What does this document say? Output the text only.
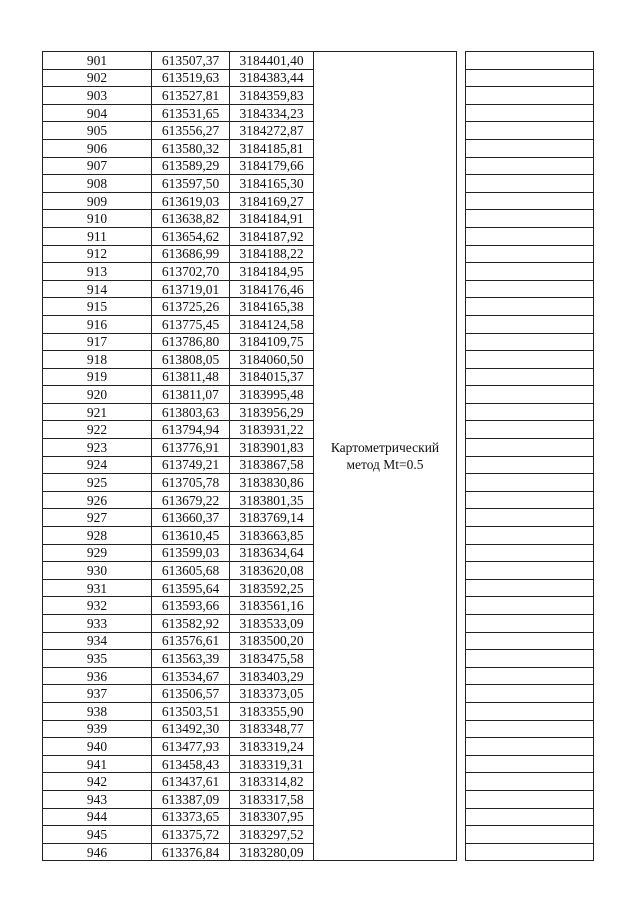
901	613507,37	3184401,40	Картометрический
метод Mt=0.5		
902	613519,63	3184383,44			
903	613527,81	3184359,83			
904	613531,65	3184334,23			
905	613556,27	3184272,87			
906	613580,32	3184185,81			
907	613589,29	3184179,66			
908	613597,50	3184165,30			
909	613619,03	3184169,27			
910	613638,82	3184184,91			
911	613654,62	3184187,92			
912	613686,99	3184188,22			
913	613702,70	3184184,95			
914	613719,01	3184176,46			
915	613725,26	3184165,38			
916	613775,45	3184124,58			
917	613786,80	3184109,75			
918	613808,05	3184060,50			
919	613811,48	3184015,37			
920	613811,07	3183995,48			
921	613803,63	3183956,29			
922	613794,94	3183931,22			
923	613776,91	3183901,83			
924	613749,21	3183867,58			
925	613705,78	3183830,86			
926	613679,22	3183801,35			
927	613660,37	3183769,14			
928	613610,45	3183663,85			
929	613599,03	3183634,64			
930	613605,68	3183620,08			
931	613595,64	3183592,25			
932	613593,66	3183561,16			
933	613582,92	3183533,09			
934	613576,61	3183500,20			
935	613563,39	3183475,58			
936	613534,67	3183403,29			
937	613506,57	3183373,05			
938	613503,51	3183355,90			
939	613492,30	3183348,77			
940	613477,93	3183319,24			
941	613458,43	3183319,31			
942	613437,61	3183314,82			
943	613387,09	3183317,58			
944	613373,65	3183307,95			
945	613375,72	3183297,52			
946	613376,84	3183280,09			
